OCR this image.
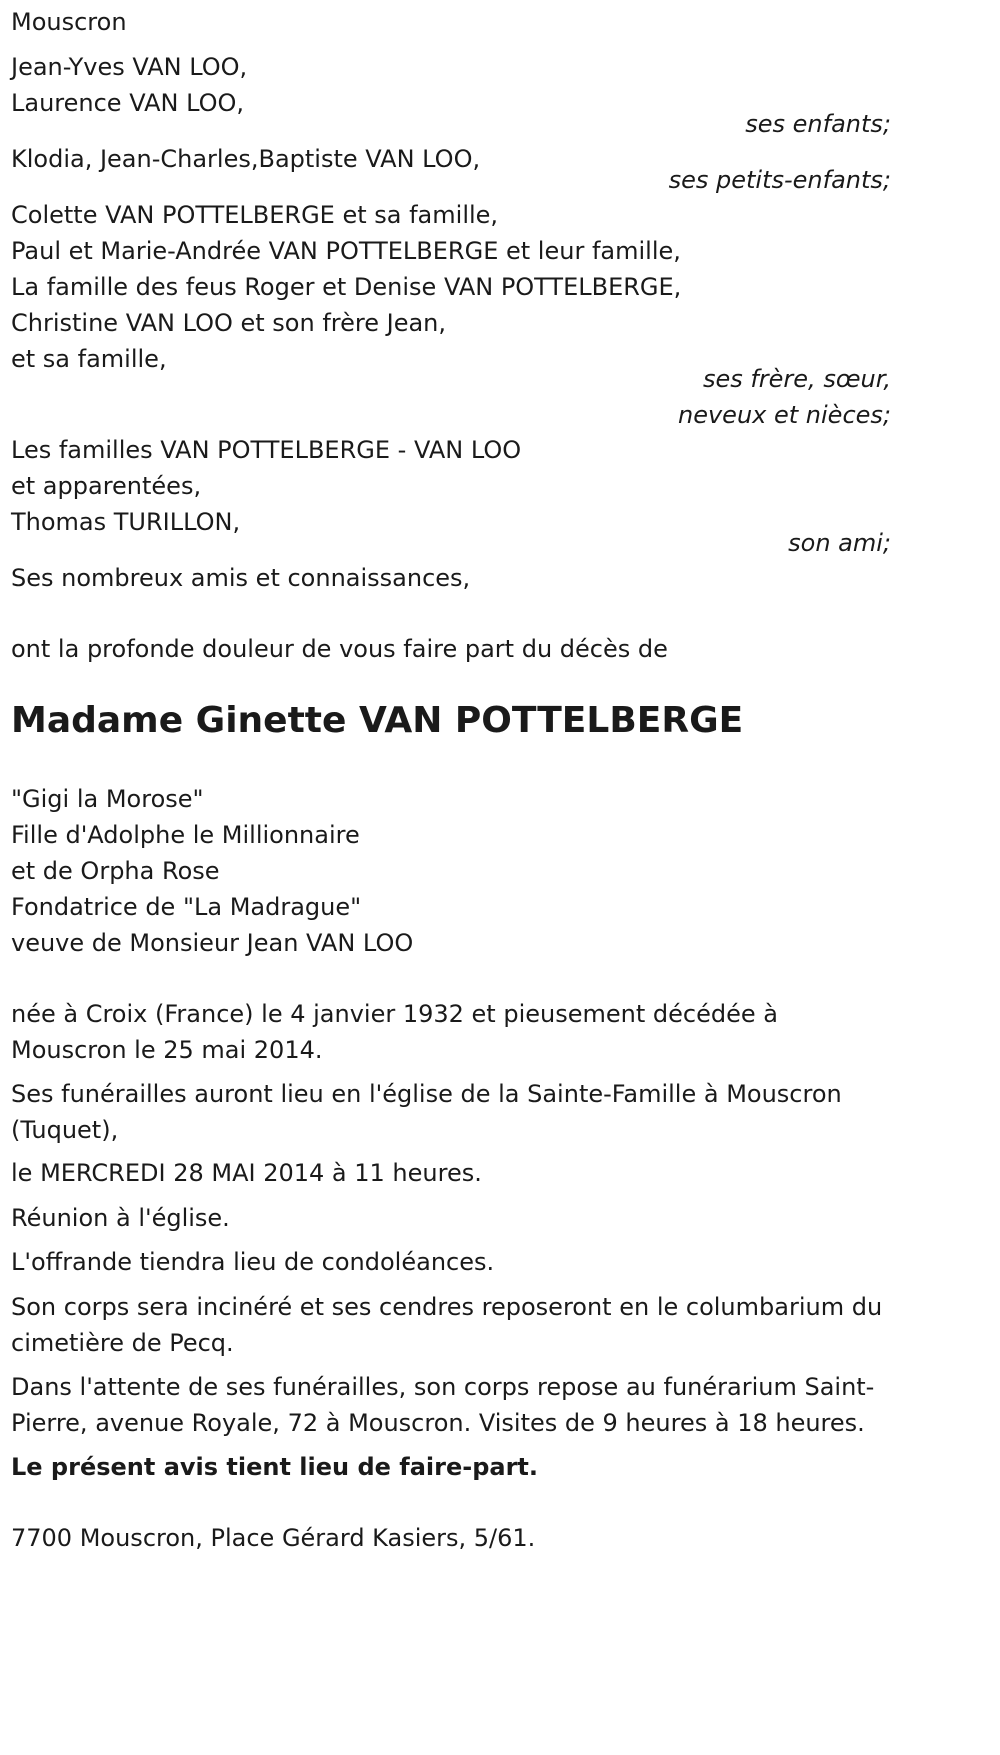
Mouscron
Jean-Yves VAN LOO,
Laurence VAN LOO,
ses enfants;
Klodia, Jean-Charles,Baptiste VAN LOO,
ses petits-enfants;
Colette VAN POTTELBERGE et sa famille,
Paul et Marie-Andrée VAN POTTELBERGE et leur famille,
La famille des feus Roger et Denise VAN POTTELBERGE,
Christine VAN LOO et son frère Jean,
et sa famille,
ses frère, sœur,
neveux et nièces;
Les familles VAN POTTELBERGE - VAN LOO
et apparentées,
Thomas TURILLON,
son ami;
Ses nombreux amis et connaissances,
ont la profonde douleur de vous faire part du décès de
Madame Ginette VAN POTTELBERGE
"Gigi la Morose"
Fille d'Adolphe le Millionnaire
et de Orpha Rose
Fondatrice de "La Madrague"
veuve de Monsieur Jean VAN LOO
née à Croix (France) le 4 janvier 1932 et pieusement décédée à
Mouscron le 25 mai 2014.
Ses funérailles auront lieu en l'église de la Sainte-Famille à Mouscron
(Tuquet),
le MERCREDI 28 MAI 2014 à 11 heures.
Réunion à l'église.
L'offrande tiendra lieu de condoléances.
Son corps sera incinéré et ses cendres reposeront en le columbarium du
cimetière de Pecq.
Dans l'attente de ses funérailles, son corps repose au funérarium Saint-
Pierre, avenue Royale, 72 à Mouscron. Visites de 9 heures à 18 heures.
Le présent avis tient lieu de faire-part.
7700 Mouscron, Place Gérard Kasiers, 5/61.
